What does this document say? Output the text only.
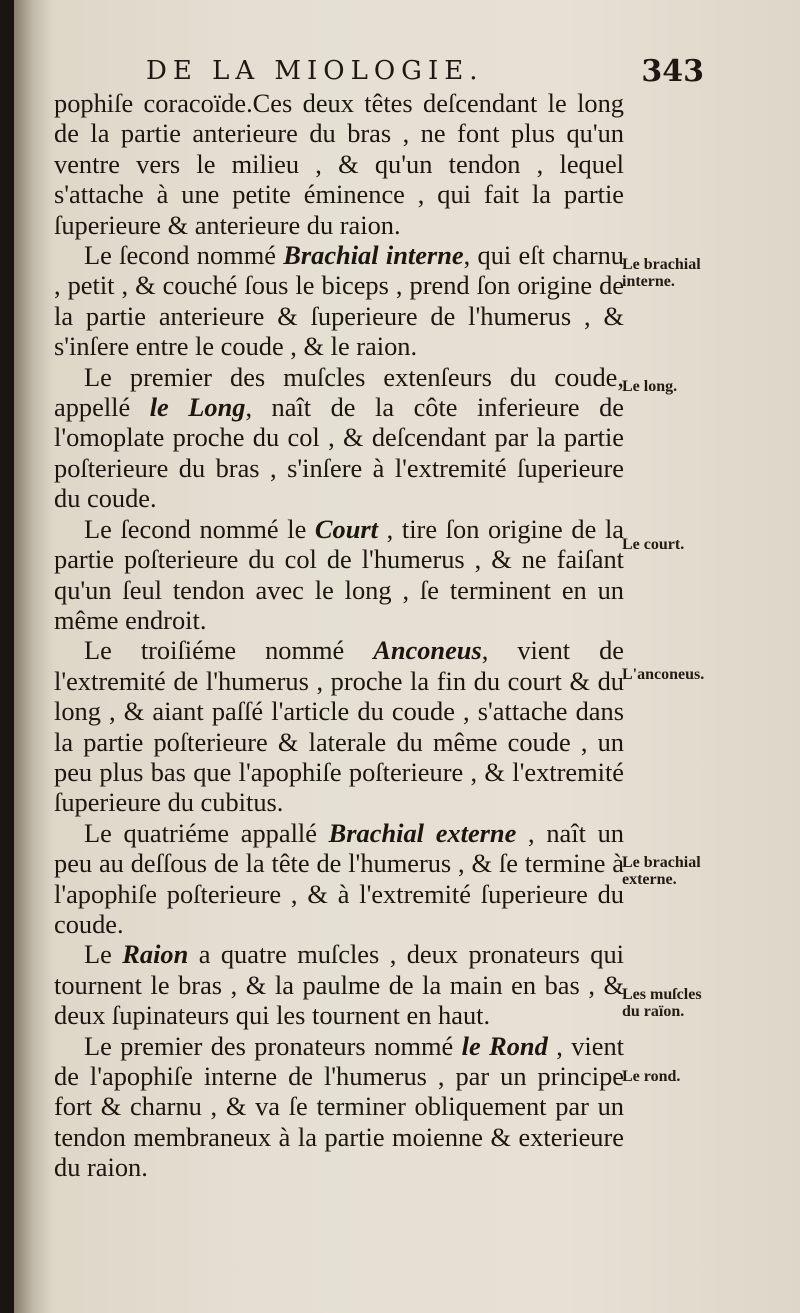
DE LA MIOLOGIE.	343

pophiſe coracoïde.Ces deux têtes deſcendant le long de la partie anterieure du bras , ne font plus qu'un ventre vers le milieu , & qu'un tendon , lequel s'attache à une petite éminence , qui fait la partie ſuperieure & anterieure du raion.

Le ſecond nommé Brachial interne, qui eſt charnu , petit , & couché ſous le biceps , prend ſon origine de la partie anterieure & ſuperieure de l'humerus , & s'inſere entre le coude , & le raion.

Le premier des muſcles extenſeurs du coude, appellé le Long, naît de la côte inferieure de l'omoplate proche du col , & deſcendant par la partie poſterieure du bras , s'inſere à l'extremité ſuperieure du coude.

Le ſecond nommé le Court , tire ſon origine de la partie poſterieure du col de l'humerus , & ne faiſant qu'un ſeul tendon avec le long , ſe terminent en un même endroit.

Le troiſiéme nommé Anconeus, vient de l'extremité de l'humerus , proche la fin du court & du long , & aiant paſſé l'article du coude , s'attache dans la partie poſterieure & laterale du même coude , un peu plus bas que l'apophiſe poſterieure , & l'extremité ſuperieure du cubitus.

Le quatriéme appallé Brachial externe , naît un peu au deſſous de la tête de l'humerus , & ſe termine à l'apophiſe poſterieure , & à l'extremité ſuperieure du coude.

Le Raion a quatre muſcles , deux pronateurs qui tournent le bras , & la paulme de la main en bas , & deux ſupinateurs qui les tournent en haut.

Le premier des pronateurs nommé le Rond , vient de l'apophiſe interne de l'humerus , par un principe fort & charnu , & va ſe terminer obliquement par un tendon membraneux à la partie moienne & exterieure du raion.

Le brachial interne.
Le long.
Le court.
L'anconeus.
Le brachial externe.
Les muſcles du raïon.
Le rond.
